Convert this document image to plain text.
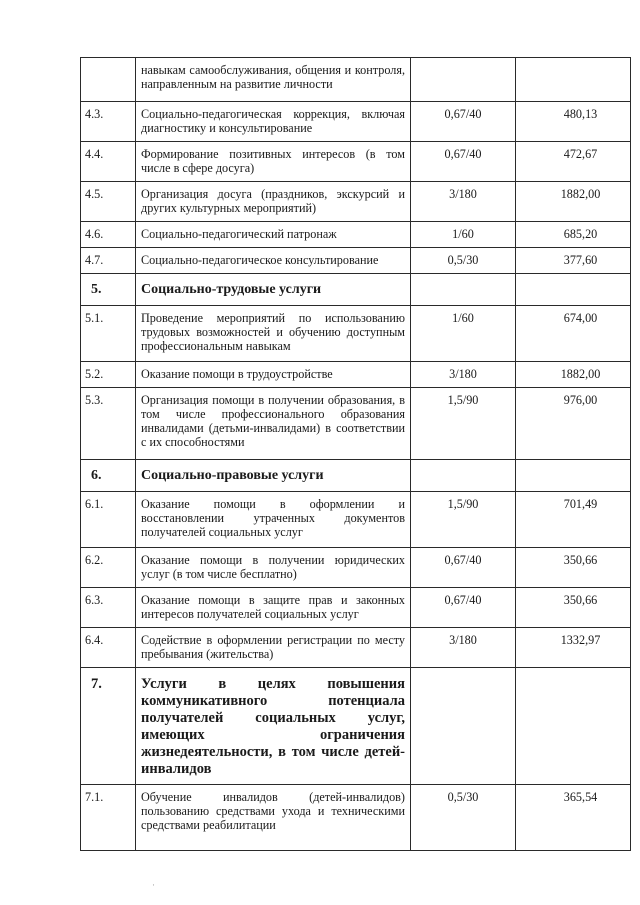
	навыкам самообслуживания, общения и контроля, направленным на развитие личности		
4.3.	Социально-педагогическая коррекция, включая диагностику и консультирование	0,67/40	480,13
4.4.	Формирование позитивных интересов (в том числе в сфере досуга)	0,67/40	472,67
4.5.	Организация досуга (праздников, экскурсий и других культурных мероприятий)	3/180	1882,00
4.6.	Социально-педагогический патронаж	1/60	685,20
4.7.	Социально-педагогическое консультирование	0,5/30	377,60
5.	Социально-трудовые услуги		
5.1.	Проведение мероприятий по использованию трудовых возможностей и обучению доступным профессиональным навыкам	1/60	674,00
5.2.	Оказание помощи в трудоустройстве	3/180	1882,00
5.3.	Организация помощи в получении образования, в том числе профессионального образования инвалидами (детьми-инвалидами) в соответствии с их способностями	1,5/90	976,00
6.	Социально-правовые услуги		
6.1.	Оказание помощи в оформлении и восстановлении утраченных документов получателей социальных услуг	1,5/90	701,49
6.2.	Оказание помощи в получении юридических услуг (в том числе бесплатно)	0,67/40	350,66
6.3.	Оказание помощи в защите прав и законных интересов получателей социальных услуг	0,67/40	350,66
6.4.	Содействие в оформлении регистрации по месту пребывания (жительства)	3/180	1332,97
7.	Услуги в целях повышения коммуникативного потенциала получателей социальных услуг, имеющих ограничения жизнедеятельности, в том числе детей-инвалидов		
7.1.	Обучение инвалидов (детей-инвалидов) пользованию средствами ухода и техническими средствами реабилитации	0,5/30	365,54
·
